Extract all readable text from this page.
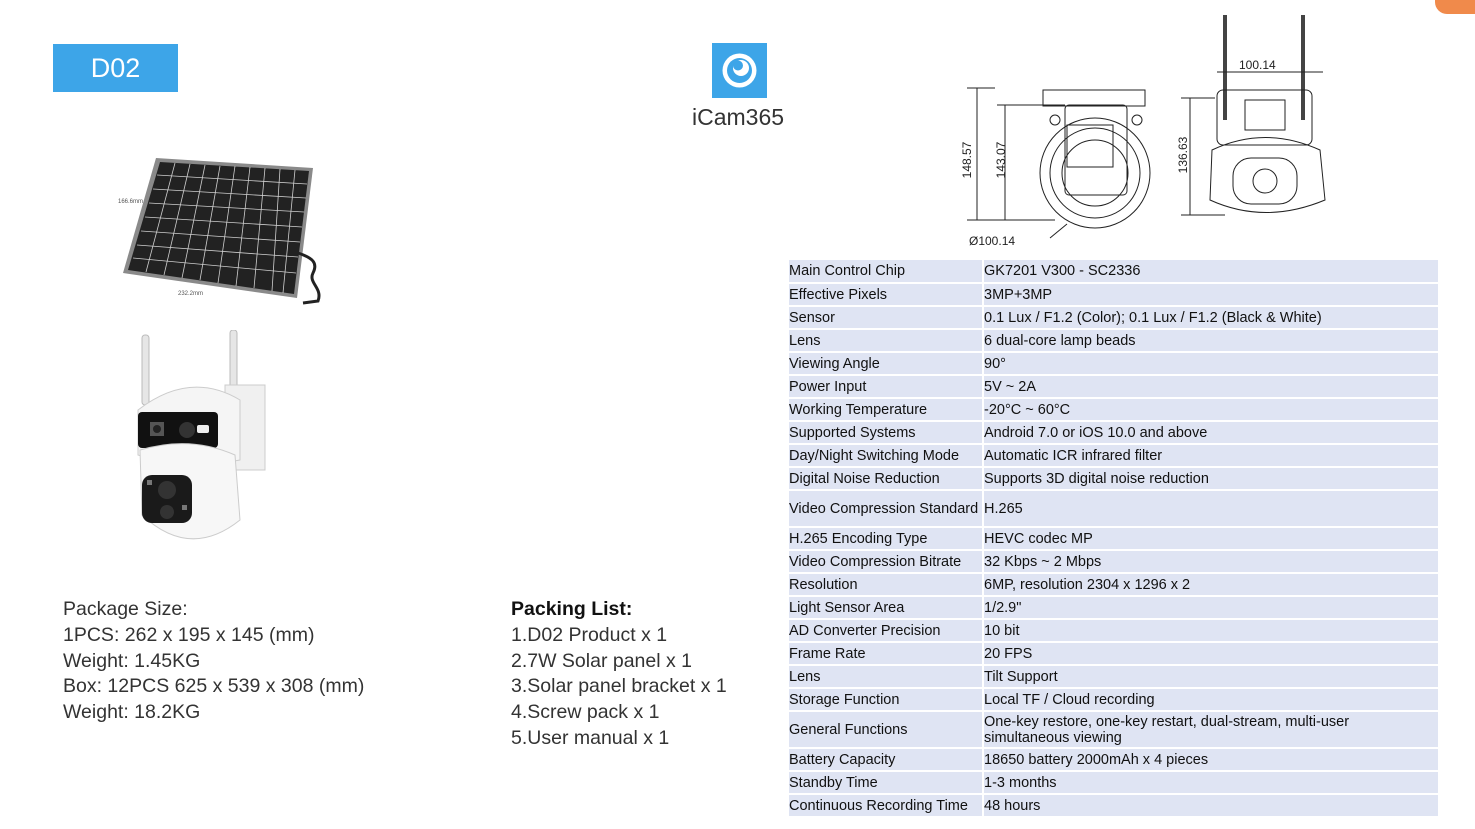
D02
iCam365
166.6mm
232.2mm
148.57 143.07	136.63
100.14
Ø100.14
Package Size:
1PCS: 262 x 195 x 145 (mm)
Weight: 1.45KG
Box: 12PCS 625 x 539 x 308 (mm)
Weight: 18.2KG
Packing List:
1.D02 Product x 1
2.7W Solar panel x 1
3.Solar panel bracket x 1
4.Screw pack x 1
5.User manual x 1
Main Control Chip	GK7201 V300 - SC2336
Effective Pixels	3MP+3MP
Sensor	0.1 Lux / F1.2 (Color); 0.1 Lux / F1.2 (Black & White)
Lens	6 dual-core lamp beads
Viewing Angle	90°
Power Input	5V ~ 2A
Working Temperature	-20°C ~ 60°C
Supported Systems	Android 7.0 or iOS 10.0 and above
Day/Night Switching Mode	Automatic ICR infrared filter
Digital Noise Reduction	Supports 3D digital noise reduction
Video Compression Standard	H.265
H.265 Encoding Type	HEVC codec MP
Video Compression Bitrate	32 Kbps ~ 2 Mbps
Resolution	6MP, resolution 2304 x 1296 x 2
Light Sensor Area	1/2.9"
AD Converter Precision	10 bit
Frame Rate	20 FPS
Lens	Tilt Support
Storage Function	Local TF / Cloud recording
General Functions	One-key restore, one-key restart, dual-stream, multi-user simultaneous viewing
Battery Capacity	18650 battery 2000mAh x 4 pieces
Standby Time	1-3 months
Continuous Recording Time	48 hours
